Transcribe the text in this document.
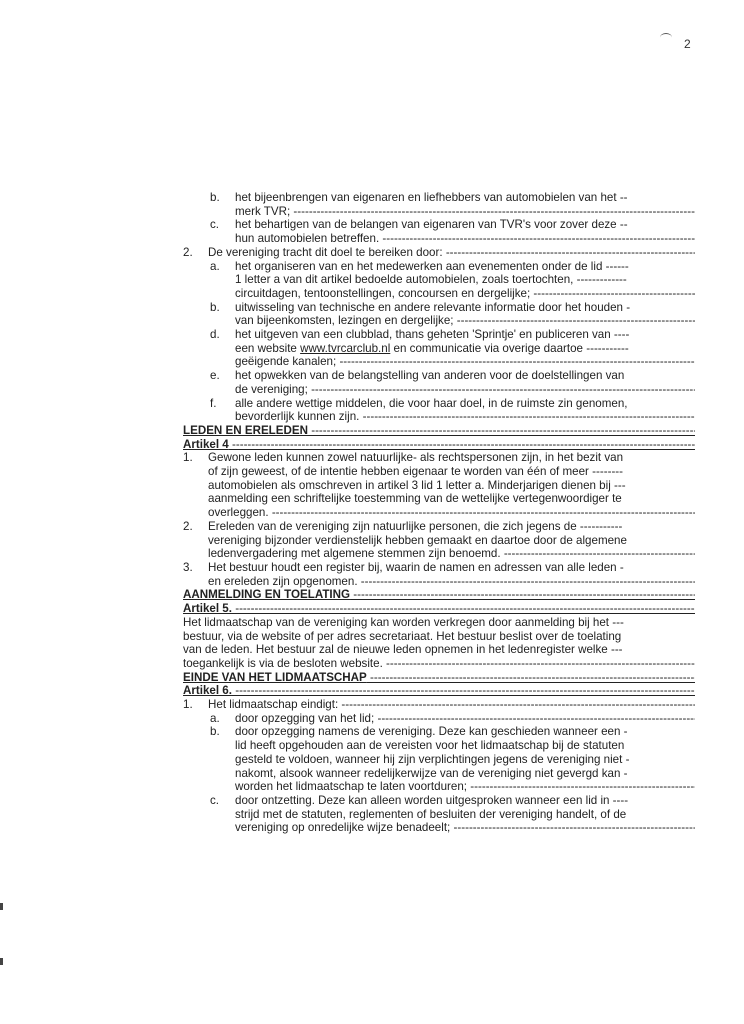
2
b. het bijeenbrengen van eigenaren en liefhebbers van automobielen van het --
merk TVR; -----
c. het behartigen van de belangen van eigenaren van TVR's voor zover deze --
hun automobielen betreffen. -----
2. De vereniging tracht dit doel te bereiken door: -----
a. het organiseren van en het medewerken aan evenementen onder de lid ------
1 letter a van dit artikel bedoelde automobielen, zoals toertochten, -------------
circuitdagen, tentoonstellingen, concoursen en dergelijke; -----
b. uitwisseling van technische en andere relevante informatie door het houden -
van bijeenkomsten, lezingen en dergelijke; -----
d. het uitgeven van een clubblad, thans geheten 'Sprintje' en publiceren van ----
een website www.tvrcarclub.nl en communicatie via overige daartoe -----------
geëigende kanalen; -----
e. het opwekken van de belangstelling van anderen voor de doelstellingen van
de vereniging; -----
f. alle andere wettige middelen, die voor haar doel, in de ruimste zin genomen,
bevorderlijk kunnen zijn. -----
LEDEN EN ERELEDEN -----
Artikel 4 -----
1. Gewone leden kunnen zowel natuurlijke- als rechtspersonen zijn, in het bezit van
of zijn geweest, of de intentie hebben eigenaar te worden van één of meer --------
automobielen als omschreven in artikel 3 lid 1 letter a. Minderjarigen dienen bij ---
aanmelding een schriftelijke toestemming van de wettelijke vertegenwoordiger te
overleggen. -----
2. Ereleden van de vereniging zijn natuurlijke personen, die zich jegens de -----------
vereniging bijzonder verdienstelijk hebben gemaakt en daartoe door de algemene
ledenvergadering met algemene stemmen zijn benoemd. -----
3. Het bestuur houdt een register bij, waarin de namen en adressen van alle leden -
en ereleden zijn opgenomen. -----
AANMELDING EN TOELATING -----
Artikel 5. -----
Het lidmaatschap van de vereniging kan worden verkregen door aanmelding bij het ---
bestuur, via de website of per adres secretariaat. Het bestuur beslist over de toelating
van de leden. Het bestuur zal de nieuwe leden opnemen in het ledenregister welke ---
toegankelijk is via de besloten website. -----
EINDE VAN HET LIDMAATSCHAP -----
Artikel 6. -----
1. Het lidmaatschap eindigt: -----
a. door opzegging van het lid; -----
b. door opzegging namens de vereniging. Deze kan geschieden wanneer een -
lid heeft opgehouden aan de vereisten voor het lidmaatschap bij de statuten
gesteld te voldoen, wanneer hij zijn verplichtingen jegens de vereniging niet -
nakomt, alsook wanneer redelijkerwijze van de vereniging niet gevergd kan -
worden het lidmaatschap te laten voortduren; -----
c. door ontzetting. Deze kan alleen worden uitgesproken wanneer een lid in ----
strijd met de statuten, reglementen of besluiten der vereniging handelt, of de
vereniging op onredelijke wijze benadeelt; -----
